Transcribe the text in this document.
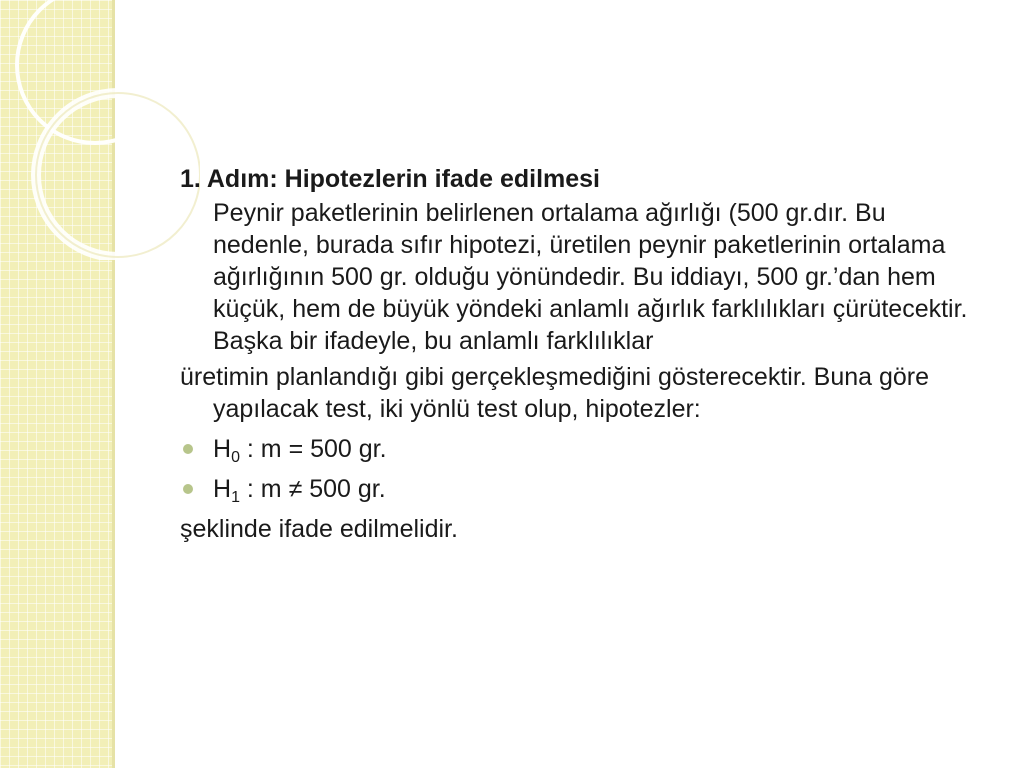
1. Adım: Hipotezlerin ifade edilmesi

Peynir paketlerinin belirlenen ortalama ağırlığı (500 gr.dır. Bu nedenle, burada sıfır hipotezi, üretilen peynir paketlerinin ortalama ağırlığının 500 gr. olduğu yönündedir. Bu iddiayı, 500 gr.’dan hem küçük, hem de büyük yöndeki anlamlı ağırlık farklılıkları çürütecektir. Başka bir ifadeyle, bu anlamlı farklılıklar

üretimin planlandığı gibi gerçekleşmediğini gösterecektir. Buna göre yapılacak test, iki yönlü test olup, hipotezler:

$H_0$ : m = 500 gr.
$H_1$ : m ≠ 500 gr.

şeklinde ifade edilmelidir.
